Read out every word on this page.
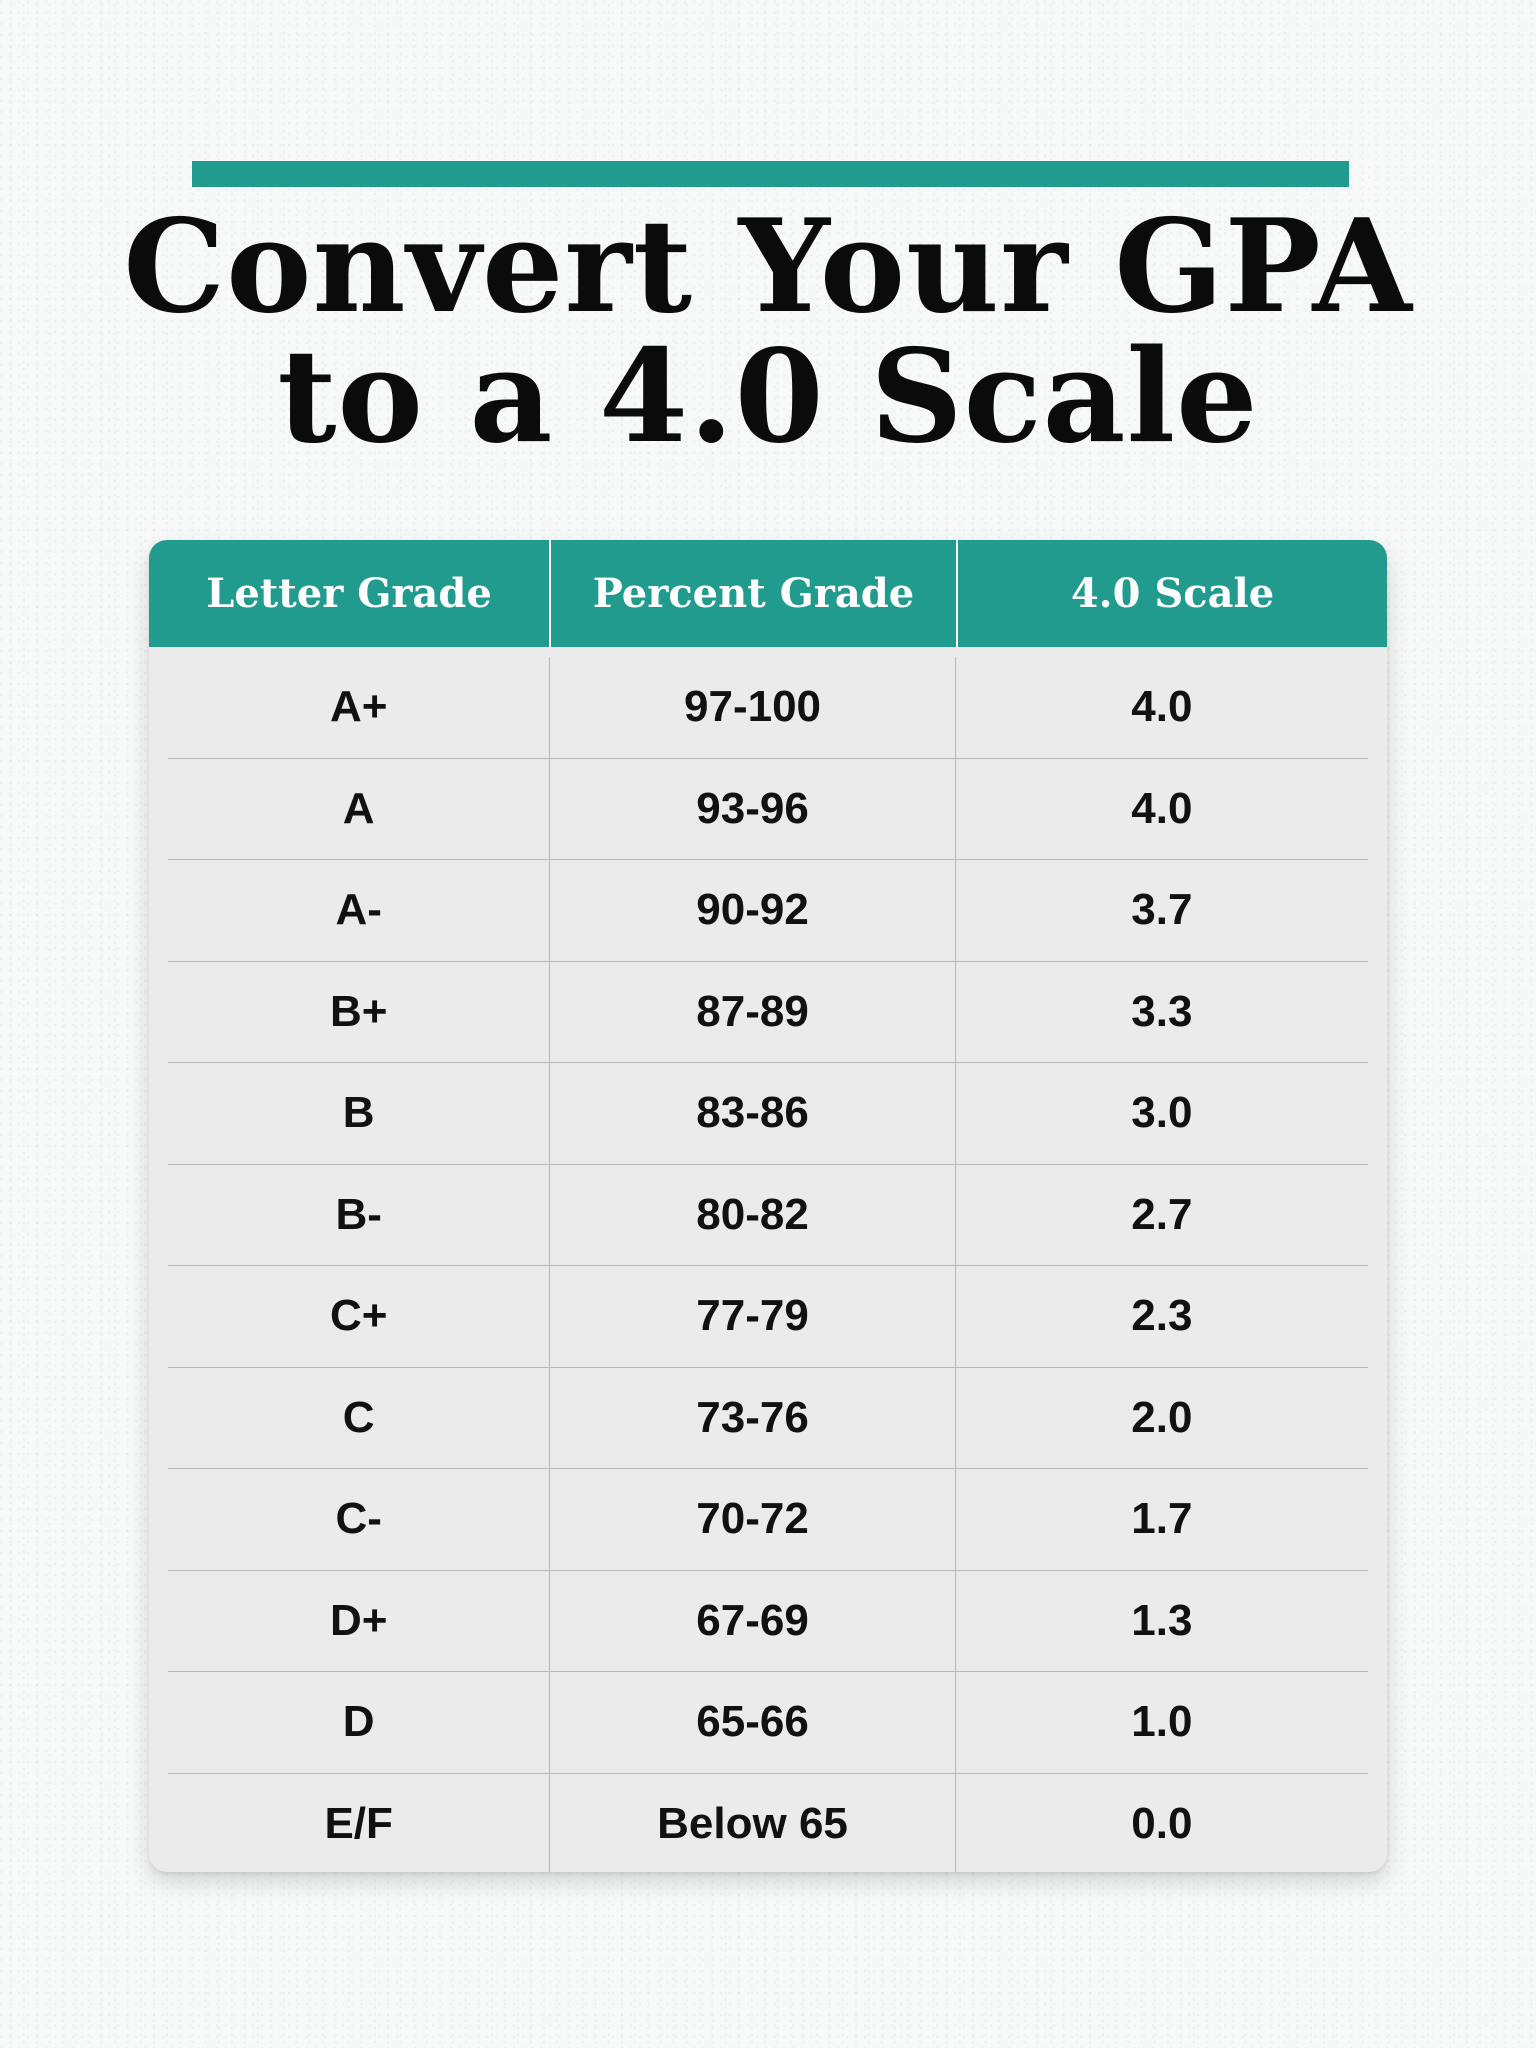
Convert Your GPA
to a 4.0 Scale
Letter Grade	Percent Grade	4.0 Scale
A+	97-100	4.0
A	93-96	4.0
A-	90-92	3.7
B+	87-89	3.3
B	83-86	3.0
B-	80-82	2.7
C+	77-79	2.3
C	73-76	2.0
C-	70-72	1.7
D+	67-69	1.3
D	65-66	1.0
E/F	Below 65	0.0
